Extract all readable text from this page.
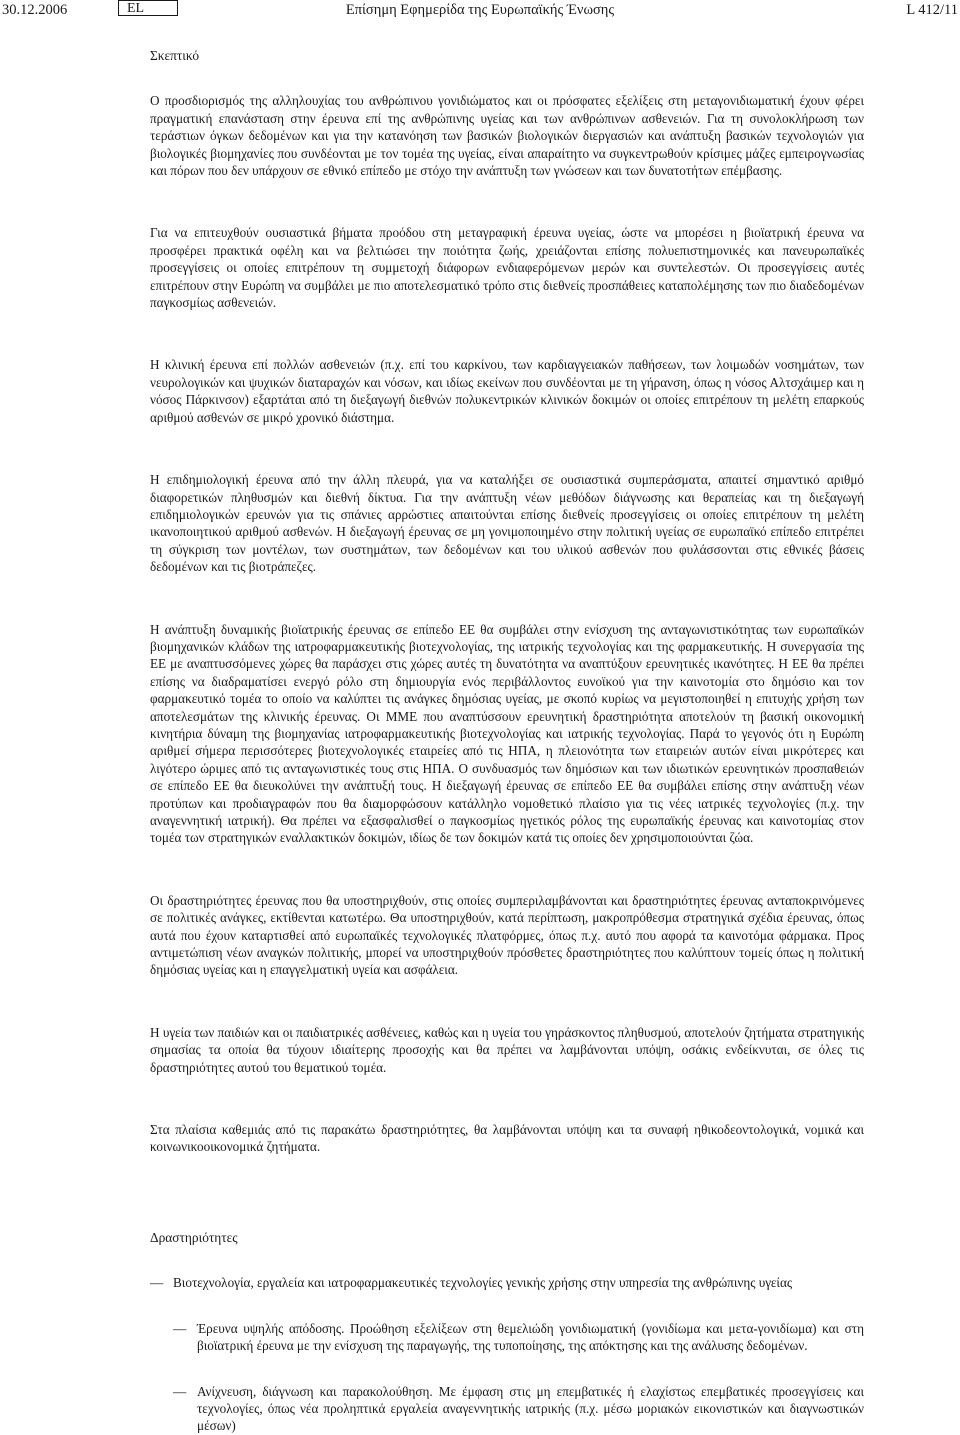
30.12.2006	EL	Επίσημη Εφημερίδα της Ευρωπαϊκής Ένωσης	L 412/11

Σκεπτικό

Ο προσδιορισμός της αλληλουχίας του ανθρώπινου γονιδιώματος και οι πρόσφατες εξελίξεις στη μεταγονιδιωματική έχουν φέρει πραγματική επανάσταση στην έρευνα επί της ανθρώπινης υγείας και των ανθρώπινων ασθενειών. Για τη συνολοκλήρωση των τεράστιων όγκων δεδομένων και για την κατανόηση των βασικών βιολογικών διεργασιών και ανάπτυξη βασικών τεχνολογιών για βιολογικές βιομηχανίες που συνδέονται με τον τομέα της υγείας, είναι απαραίτητο να συγκεντρωθούν κρίσιμες μάζες εμπειρογνωσίας και πόρων που δεν υπάρχουν σε εθνικό επίπεδο με στόχο την ανάπτυξη των γνώσεων και των δυνατοτήτων επέμβασης.

Για να επιτευχθούν ουσιαστικά βήματα προόδου στη μεταγραφική έρευνα υγείας, ώστε να μπορέσει η βιοϊατρική έρευνα να προσφέρει πρακτικά οφέλη και να βελτιώσει την ποιότητα ζωής, χρειάζονται επίσης πολυεπιστημονικές και πανευρωπαϊκές προσεγγίσεις οι οποίες επιτρέπουν τη συμμετοχή διάφορων ενδιαφερόμενων μερών και συντελεστών. Οι προσεγγίσεις αυτές επιτρέπουν στην Ευρώπη να συμβάλει με πιο αποτελεσματικό τρόπο στις διεθνείς προσπάθειες καταπολέμησης των πιο διαδεδομένων παγκοσμίως ασθενειών.

Η κλινική έρευνα επί πολλών ασθενειών (π.χ. επί του καρκίνου, των καρδιαγγειακών παθήσεων, των λοιμωδών νοσημάτων, των νευρολογικών και ψυχικών διαταραχών και νόσων, και ιδίως εκείνων που συνδέονται με τη γήρανση, όπως η νόσος Αλτσχάιμερ και η νόσος Πάρκινσον) εξαρτάται από τη διεξαγωγή διεθνών πολυκεντρικών κλινικών δοκιμών οι οποίες επιτρέπουν τη μελέτη επαρκούς αριθμού ασθενών σε μικρό χρονικό διάστημα.

Η επιδημιολογική έρευνα από την άλλη πλευρά, για να καταλήξει σε ουσιαστικά συμπεράσματα, απαιτεί σημαντικό αριθμό διαφορετικών πληθυσμών και διεθνή δίκτυα. Για την ανάπτυξη νέων μεθόδων διάγνωσης και θεραπείας και τη διεξαγωγή επιδημιολογικών ερευνών για τις σπάνιες αρρώστιες απαιτούνται επίσης διεθνείς προσεγγίσεις οι οποίες επιτρέπουν τη μελέτη ικανοποιητικού αριθμού ασθενών. Η διεξαγωγή έρευνας σε μη γονιμοποιημένο στην πολιτική υγείας σε ευρωπαϊκό επίπεδο επιτρέπει τη σύγκριση των μοντέλων, των συστημάτων, των δεδομένων και του υλικού ασθενών που φυλάσσονται στις εθνικές βάσεις δεδομένων και τις βιοτράπεζες.

Η ανάπτυξη δυναμικής βιοϊατρικής έρευνας σε επίπεδο ΕΕ θα συμβάλει στην ενίσχυση της ανταγωνιστικότητας των ευρωπαϊκών βιομηχανικών κλάδων της ιατροφαρμακευτικής βιοτεχνολογίας, της ιατρικής τεχνολογίας και της φαρμακευτικής. Η συνεργασία της ΕΕ με αναπτυσσόμενες χώρες θα παράσχει στις χώρες αυτές τη δυνατότητα να αναπτύξουν ερευνητικές ικανότητες. Η ΕΕ θα πρέπει επίσης να διαδραματίσει ενεργό ρόλο στη δημιουργία ενός περιβάλλοντος ευνοϊκού για την καινοτομία στο δημόσιο και τον φαρμακευτικό τομέα το οποίο να καλύπτει τις ανάγκες δημόσιας υγείας, με σκοπό κυρίως να μεγιστοποιηθεί η επιτυχής χρήση των αποτελεσμάτων της κλινικής έρευνας. Οι ΜΜΕ που αναπτύσσουν ερευνητική δραστηριότητα αποτελούν τη βασική οικονομική κινητήρια δύναμη της βιομηχανίας ιατροφαρμακευτικής βιοτεχνολογίας και ιατρικής τεχνολογίας. Παρά το γεγονός ότι η Ευρώπη αριθμεί σήμερα περισσότερες βιοτεχνολογικές εταιρείες από τις ΗΠΑ, η πλειονότητα των εταιρειών αυτών είναι μικρότερες και λιγότερο ώριμες από τις ανταγωνιστικές τους στις ΗΠΑ. Ο συνδυασμός των δημόσιων και των ιδιωτικών ερευνητικών προσπαθειών σε επίπεδο ΕΕ θα διευκολύνει την ανάπτυξή τους. Η διεξαγωγή έρευνας σε επίπεδο ΕΕ θα συμβάλει επίσης στην ανάπτυξη νέων προτύπων και προδιαγραφών που θα διαμορφώσουν κατάλληλο νομοθετικό πλαίσιο για τις νέες ιατρικές τεχνολογίες (π.χ. την αναγεννητική ιατρική). Θα πρέπει να εξασφαλισθεί ο παγκοσμίως ηγετικός ρόλος της ευρωπαϊκής έρευνας και καινοτομίας στον τομέα των στρατηγικών εναλλακτικών δοκιμών, ιδίως δε των δοκιμών κατά τις οποίες δεν χρησιμοποιούνται ζώα.

Οι δραστηριότητες έρευνας που θα υποστηριχθούν, στις οποίες συμπεριλαμβάνονται και δραστηριότητες έρευνας ανταποκρινόμενες σε πολιτικές ανάγκες, εκτίθενται κατωτέρω. Θα υποστηριχθούν, κατά περίπτωση, μακροπρόθεσμα στρατηγικά σχέδια έρευνας, όπως αυτά που έχουν καταρτισθεί από ευρωπαϊκές τεχνολογικές πλατφόρμες, όπως π.χ. αυτό που αφορά τα καινοτόμα φάρμακα. Προς αντιμετώπιση νέων αναγκών πολιτικής, μπορεί να υποστηριχθούν πρόσθετες δραστηριότητες που καλύπτουν τομείς όπως η πολιτική δημόσιας υγείας και η επαγγελματική υγεία και ασφάλεια.

Η υγεία των παιδιών και οι παιδιατρικές ασθένειες, καθώς και η υγεία του γηράσκοντος πληθυσμού, αποτελούν ζητήματα στρατηγικής σημασίας τα οποία θα τύχουν ιδιαίτερης προσοχής και θα πρέπει να λαμβάνονται υπόψη, οσάκις ενδείκνυται, σε όλες τις δραστηριότητες αυτού του θεματικού τομέα.

Στα πλαίσια καθεμιάς από τις παρακάτω δραστηριότητες, θα λαμβάνονται υπόψη και τα συναφή ηθικοδεοντολογικά, νομικά και κοινωνικοοικονομικά ζητήματα.

Δραστηριότητες

— Βιοτεχνολογία, εργαλεία και ιατροφαρμακευτικές τεχνολογίες γενικής χρήσης στην υπηρεσία της ανθρώπινης υγείας

— Έρευνα υψηλής απόδοσης. Προώθηση εξελίξεων στη θεμελιώδη γονιδιωματική (γονιδίωμα και μετα-γονιδίωμα) και στη βιοϊατρική έρευνα με την ενίσχυση της παραγωγής, της τυποποίησης, της απόκτησης και της ανάλυσης δεδομένων.

— Ανίχνευση, διάγνωση και παρακολούθηση. Με έμφαση στις μη επεμβατικές ή ελαχίστως επεμβατικές προσεγγίσεις και τεχνολογίες, όπως νέα προληπτικά εργαλεία αναγεννητικής ιατρικής (π.χ. μέσω μοριακών εικονιστικών και διαγνωστικών μέσων)
